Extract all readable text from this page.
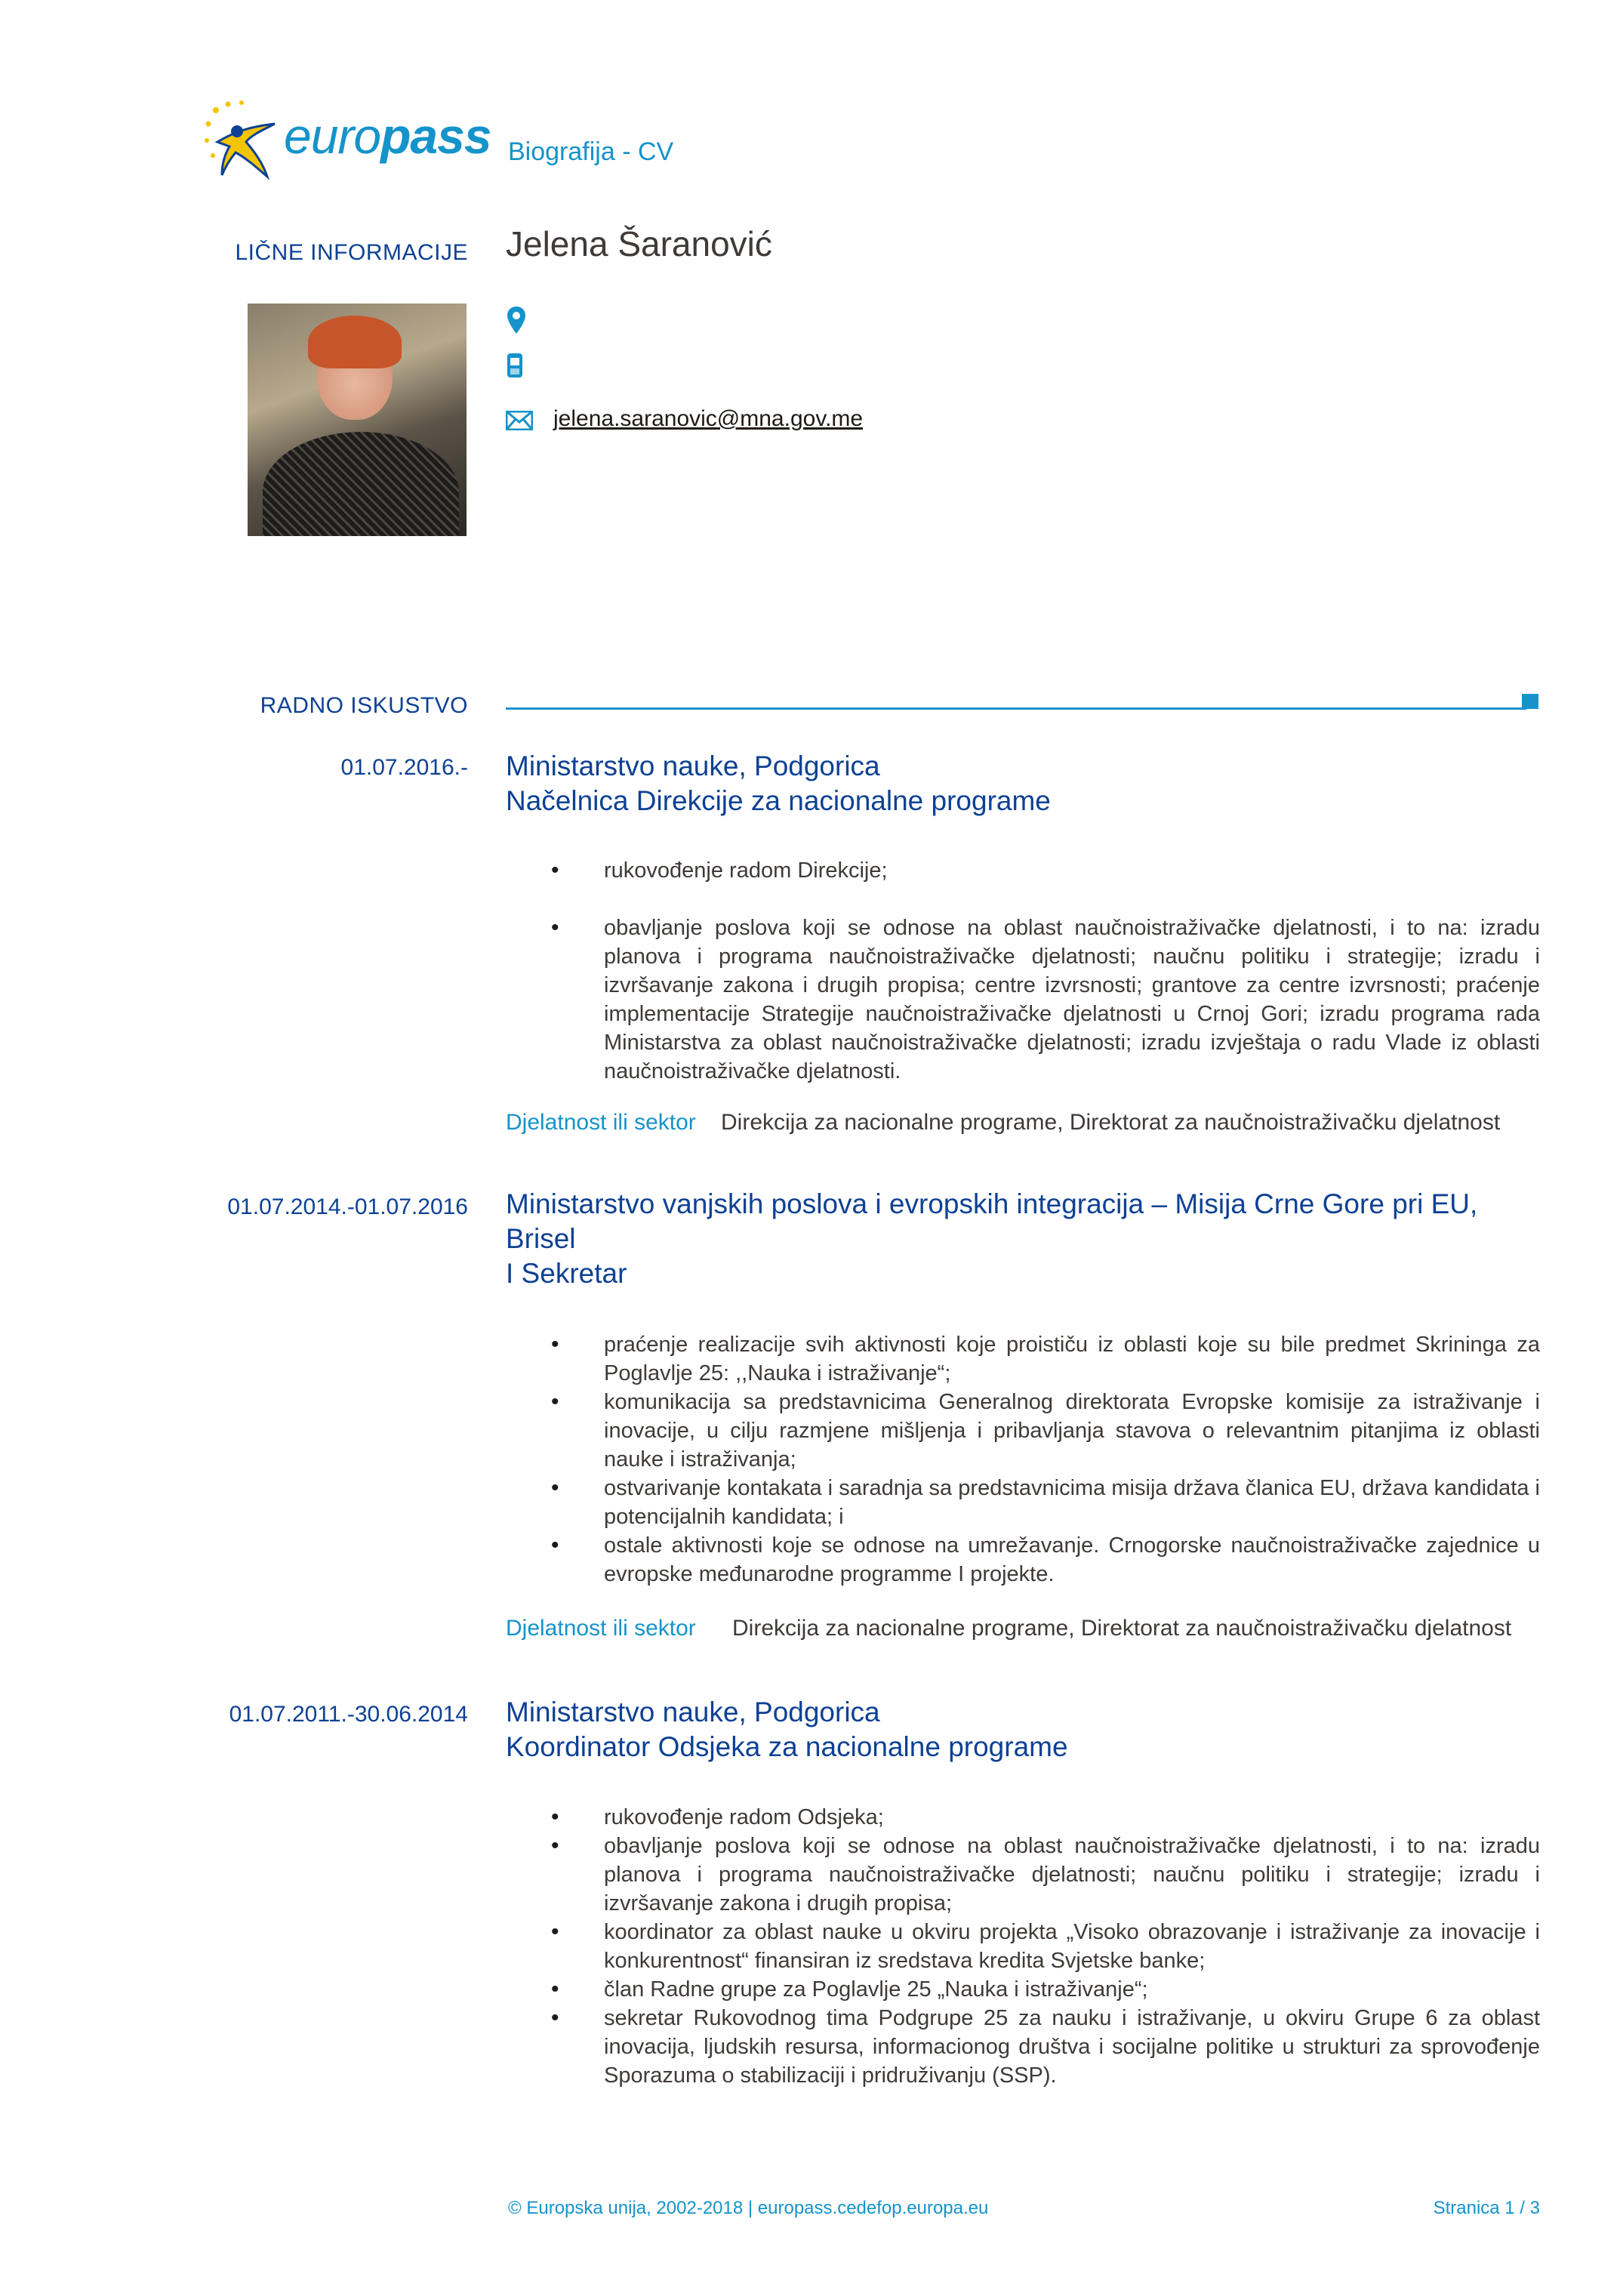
europass Biografija - CV
LIČNE INFORMACIJE Jelena Šaranović
jelena.saranovic@mna.gov.me
RADNO ISKUSTVO
01.07.2016.- Ministarstvo nauke, Podgorica
Načelnica Direkcije za nacionalne programe
• rukovođenje radom Direkcije;
• obavljanje poslova koji se odnose na oblast naučnoistraživačke djelatnosti, i to na: izradu planova i programa naučnoistraživačke djelatnosti; naučnu politiku i strategije; izradu i izvršavanje zakona i drugih propisa; centre izvrsnosti; grantove za centre izvrsnosti; praćenje implementacije Strategije naučnoistraživačke djelatnosti u Crnoj Gori; izradu programa rada Ministarstva za oblast naučnoistraživačke djelatnosti; izradu izvještaja o radu Vlade iz oblasti naučnoistraživačke djelatnosti.
Djelatnost ili sektor Direkcija za nacionalne programe, Direktorat za naučnoistraživačku djelatnost
01.07.2014.-01.07.2016 Ministarstvo vanjskih poslova i evropskih integracija – Misija Crne Gore pri EU, Brisel
I Sekretar
• praćenje realizacije svih aktivnosti koje proističu iz oblasti koje su bile predmet Skrininga za Poglavlje 25: ,,Nauka i istraživanje“;
• komunikacija sa predstavnicima Generalnog direktorata Evropske komisije za istraživanje i inovacije, u cilju razmjene mišljenja i pribavljanja stavova o relevantnim pitanjima iz oblasti nauke i istraživanja;
• ostvarivanje kontakata i saradnja sa predstavnicima misija država članica EU, država kandidata i potencijalnih kandidata; i
• ostale aktivnosti koje se odnose na umrežavanje. Crnogorske naučnoistraživačke zajednice u evropske međunarodne programme I projekte.
Djelatnost ili sektor Direkcija za nacionalne programe, Direktorat za naučnoistraživačku djelatnost
01.07.2011.-30.06.2014 Ministarstvo nauke, Podgorica
Koordinator Odsjeka za nacionalne programe
• rukovođenje radom Odsjeka;
• obavljanje poslova koji se odnose na oblast naučnoistraživačke djelatnosti, i to na: izradu planova i programa naučnoistraživačke djelatnosti; naučnu politiku i strategije; izradu i izvršavanje zakona i drugih propisa;
• koordinator za oblast nauke u okviru projekta „Visoko obrazovanje i istraživanje za inovacije i konkurentnost“ finansiran iz sredstava kredita Svjetske banke;
• član Radne grupe za Poglavlje 25 „Nauka i istraživanje“;
• sekretar Rukovodnog tima Podgrupe 25 za nauku i istraživanje, u okviru Grupe 6 za oblast inovacija, ljudskih resursa, informacionog društva i socijalne politike u strukturi za sprovođenje Sporazuma o stabilizaciji i pridruživanju (SSP).
© Europska unija, 2002-2018 | europass.cedefop.europa.eu	Stranica 1 / 3
